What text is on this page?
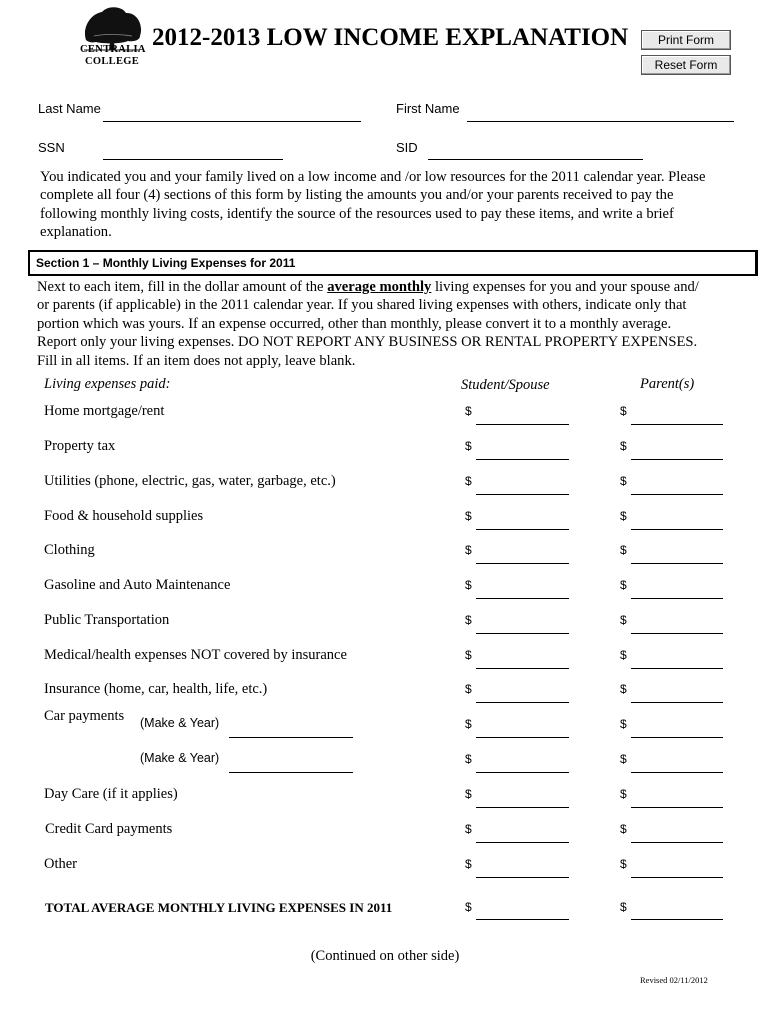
CENTRALIA
COLLEGE
2012-2013 LOW INCOME EXPLANATION	Print Form
Reset Form
Last Name	First Name
SSN	SID
You indicated you and your family lived on a low income and /or low resources for the 2011 calendar year. Please
complete all four (4) sections of this form by listing the amounts you and/or your parents received to pay the
following monthly living costs, identify the source of the resources used to pay these items, and write a brief
explanation.
Section 1 – Monthly Living Expenses for 2011
Next to each item, fill in the dollar amount of the average monthly living expenses for you and your spouse and/
or parents (if applicable) in the 2011 calendar year. If you shared living expenses with others, indicate only that
portion which was yours. If an expense occurred, other than monthly, please convert it to a monthly average.
Report only your living expenses. DO NOT REPORT ANY BUSINESS OR RENTAL PROPERTY EXPENSES.
Fill in all items. If an item does not apply, leave blank.
Living expenses paid:	Student/Spouse	Parent(s)
Home mortgage/rent	$	$
Property tax	$	$
Utilities (phone, electric, gas, water, garbage, etc.)	$	$
Food & household supplies	$	$
Clothing	$	$
Gasoline and Auto Maintenance	$	$
Public Transportation	$	$
Medical/health expenses NOT covered by insurance	$	$
Insurance (home, car, health, life, etc.)	$	$
Car payments (Make & Year)	$	$
(Make & Year)	$	$
Day Care (if it applies)	$	$
Credit Card payments	$	$
Other	$	$
TOTAL AVERAGE MONTHLY LIVING EXPENSES IN 2011	$	$
(Continued on other side)
Revised 02/11/2012
